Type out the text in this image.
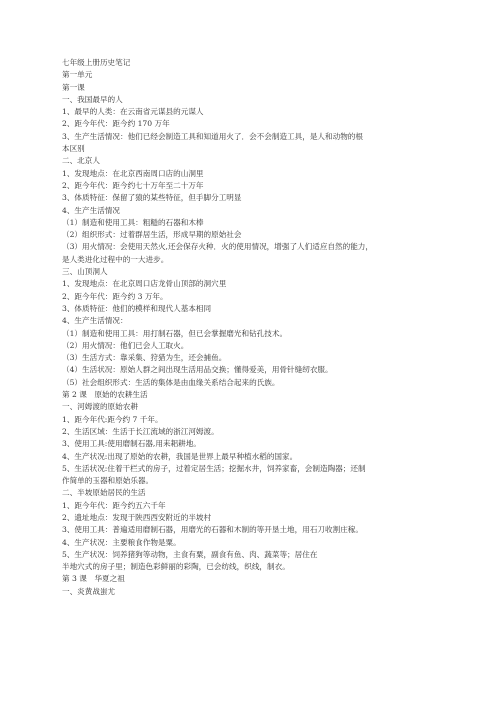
七年级上册历史笔记
第一单元
第一课
一、我国最早的人
1、最早的人类：在云南省元谋县的元谋人
2、距今年代：距今约 170 万年
3、生产生活情况：他们已经会制造工具和知道用火了．会不会制造工具，是人和动物的根
本区别
二、北京人
1、发现地点：在北京西南周口店的山洞里
2、距今年代：距今约七十万年至二十万年
3、体质特征：保留了猿的某些特征，但手脚分工明显
4、生产生活情况
（1）制造和使用工具：粗糙的石器和木棒
（2）组织形式：过着群居生活，形成早期的原始社会
（3）用火情况：会使用天然火,还会保存火种．火的使用情况，增强了人们适应自然的能力，
是人类进化过程中的一大进步。
三、山顶洞人
1、发现地点：在北京周口店龙骨山顶部的洞穴里
2、距今年代：距今约 3 万年。
3、体质特征：他们的模样和现代人基本相同
4、生产生活情况：
（1）制造和使用工具：用打制石器，但已会掌握磨光和钻孔技术。
（2）用火情况：他们已会人工取火。
（3）生活方式：靠采集、狩猎为生，还会捕鱼。
（4）生活状况：原始人群之间出现生活用品交换；懂得爱美，用骨针缝纫衣服。
（5）社会组织形式：生活的集体是由血缘关系结合起来的氏族。
第 2 课　原始的农耕生活
一、河姆渡的原始农耕
1、距今年代:距今约 7 千年。
2、生活区域：生活于长江流域的浙江河姆渡。
3、使用工具:使用磨制石器,用耒耜耕地。
4、生产状况:出现了原始的农耕，我国是世界上最早种植水稻的国家。
5、生活状况:住着干栏式的房子，过着定居生活；挖掘水井，饲养家畜，会制造陶器；还制
作简单的玉器和原始乐器。
二、半坡原始居民的生活
1、距今年代：距今约五六千年
2、遗址地点：发现于陕西西安附近的半坡村
3、使用工具：普遍适用磨制石器，用磨光的石器和木制的等开垦土地，用石刀收割庄稼。
4、生产状况：主要粮食作物是粟。
5、生产状况：饲养猪狗等动物，主食有粟，副食有鱼、肉、蔬菜等；居住在
半地穴式的房子里；制造色彩鲜丽的彩陶，已会纺线，织线，制衣。
第 3 课　华夏之祖
一、炎黄战蚩尤
